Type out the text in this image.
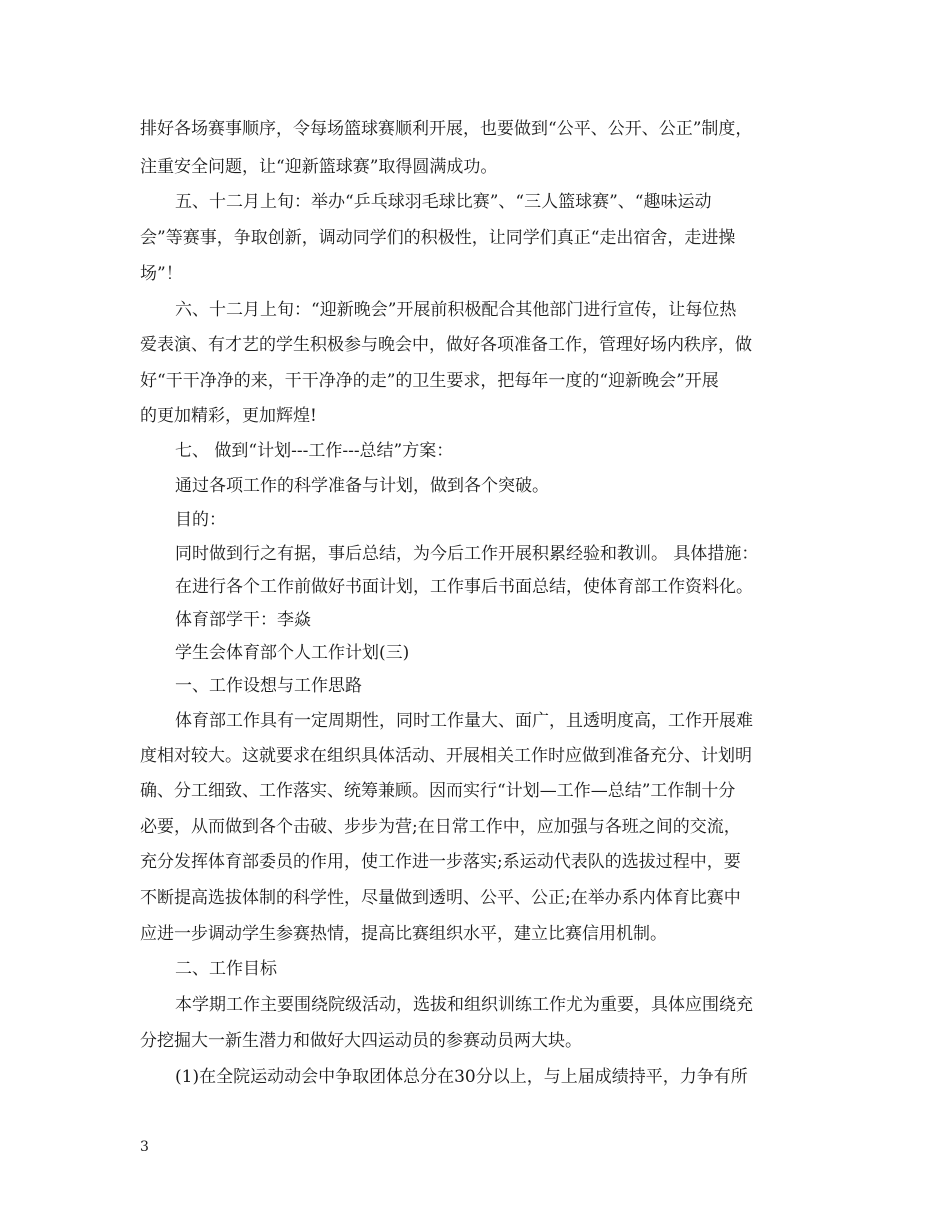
排好各场赛事顺序，令每场篮球赛顺利开展，也要做到“公平、公开、公正”制度，
注重安全问题，让“迎新篮球赛”取得圆满成功。
五、十二月上旬：举办“乒乓球羽毛球比赛”、“三人篮球赛”、“趣味运动
会”等赛事，争取创新，调动同学们的积极性，让同学们真正“走出宿舍，走进操
场”！
六、十二月上旬：“迎新晚会”开展前积极配合其他部门进行宣传，让每位热
爱表演、有才艺的学生积极参与晚会中，做好各项准备工作，管理好场内秩序，做
好“干干净净的来，干干净净的走”的卫生要求，把每年一度的“迎新晚会”开展
的更加精彩，更加辉煌!
七、 做到“计划---工作---总结”方案：
通过各项工作的科学准备与计划，做到各个突破。
目的：
同时做到行之有据，事后总结，为今后工作开展积累经验和教训。 具体措施：
在进行各个工作前做好书面计划，工作事后书面总结，使体育部工作资料化。
体育部学干：李焱
学生会体育部个人工作计划(三)
一、工作设想与工作思路
体育部工作具有一定周期性，同时工作量大、面广，且透明度高，工作开展难
度相对较大。这就要求在组织具体活动、开展相关工作时应做到准备充分、计划明
确、分工细致、工作落实、统筹兼顾。因而实行“计划—工作—总结”工作制十分
必要，从而做到各个击破、步步为营;在日常工作中，应加强与各班之间的交流，
充分发挥体育部委员的作用，使工作进一步落实;系运动代表队的选拔过程中，要
不断提高选拔体制的科学性，尽量做到透明、公平、公正;在举办系内体育比赛中
应进一步调动学生参赛热情，提高比赛组织水平，建立比赛信用机制。
二、工作目标
本学期工作主要围绕院级活动，选拔和组织训练工作尤为重要，具体应围绕充
分挖掘大一新生潜力和做好大四运动员的参赛动员两大块。
(1)在全院运动动会中争取团体总分在30分以上，与上届成绩持平，力争有所
3
